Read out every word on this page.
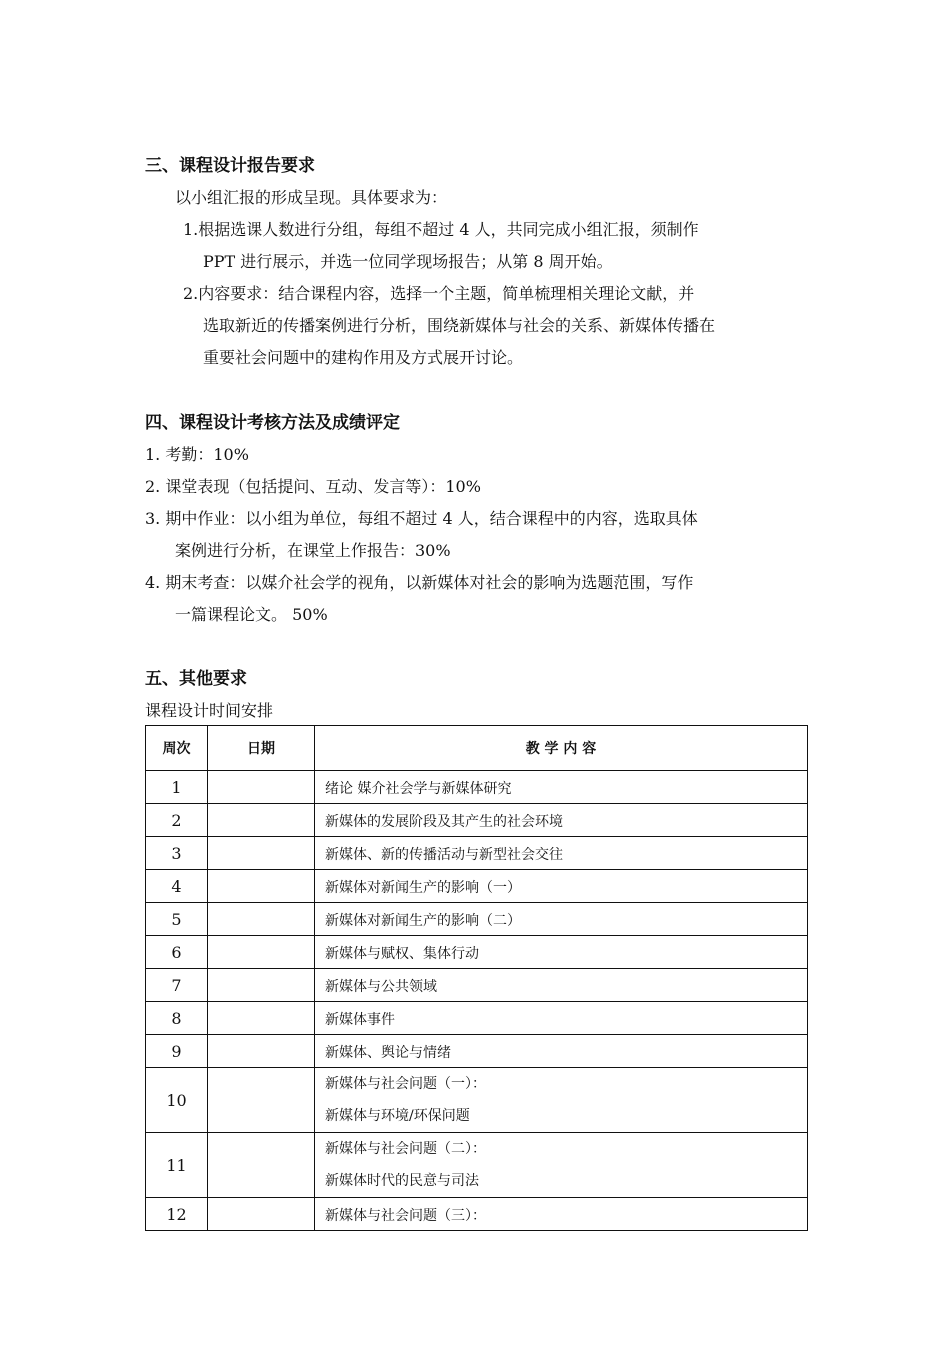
三、课程设计报告要求
以小组汇报的形成呈现。具体要求为：
1.根据选课人数进行分组，每组不超过 4 人，共同完成小组汇报，须制作
PPT 进行展示，并选一位同学现场报告；从第 8 周开始。
2.内容要求：结合课程内容，选择一个主题，简单梳理相关理论文献，并
选取新近的传播案例进行分析，围绕新媒体与社会的关系、新媒体传播在
重要社会问题中的建构作用及方式展开讨论。
四、课程设计考核方法及成绩评定
1. 考勤：10%
2. 课堂表现（包括提问、互动、发言等）：10%
3. 期中作业：以小组为单位，每组不超过 4 人，结合课程中的内容，选取具体
案例进行分析，在课堂上作报告：30%
4. 期末考查：以媒介社会学的视角，以新媒体对社会的影响为选题范围，写作
一篇课程论文。 50%
五、其他要求
课程设计时间安排
周次	日期	教 学 内 容
1		绪论 媒介社会学与新媒体研究
2		新媒体的发展阶段及其产生的社会环境
3		新媒体、新的传播活动与新型社会交往
4		新媒体对新闻生产的影响（一）
5		新媒体对新闻生产的影响（二）
6		新媒体与赋权、集体行动
7		新媒体与公共领域
8		新媒体事件
9		新媒体、舆论与情绪
10		新媒体与社会问题（一）：
新媒体与环境/环保问题

11		新媒体与社会问题（二）：
新媒体时代的民意与司法

12		新媒体与社会问题（三）：
